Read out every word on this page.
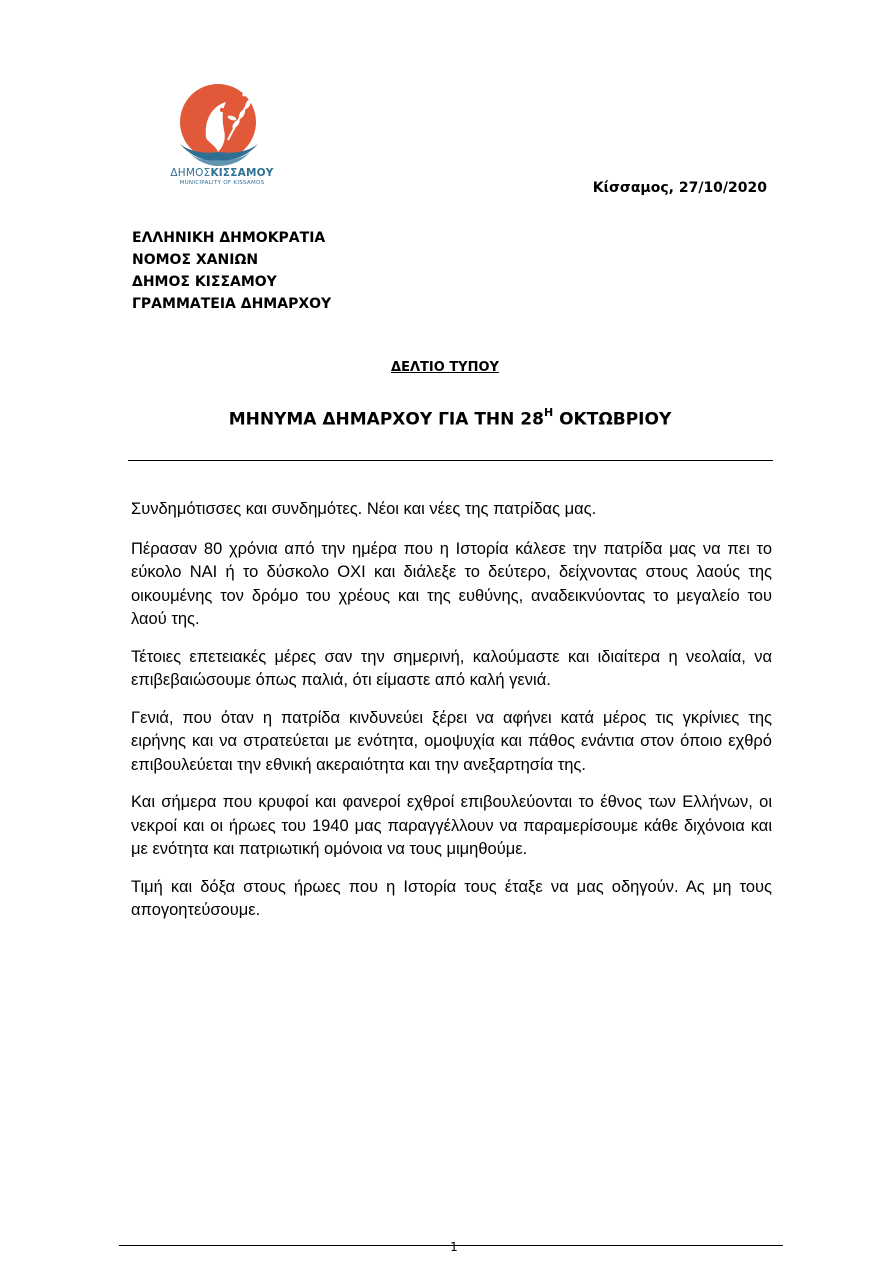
ΔΗΜΟΣΚΙΣΣΑΜΟΥ
MUNICIPALITY OF KISSAMOS	Κίσσαμος, 27/10/2020
ΕΛΛΗΝΙΚΗ ΔΗΜΟΚΡΑΤΙΑ
ΝΟΜΟΣ ΧΑΝΙΩΝ
ΔΗΜΟΣ ΚΙΣΣΑΜΟΥ
ΓΡΑΜΜΑΤΕΙΑ ΔΗΜΑΡΧΟΥ
ΔΕΛΤΙΟ ΤΥΠΟΥ
ΜΗΝΥΜΑ ΔΗΜΑΡΧΟΥ ΓΙΑ ΤΗΝ $28^H$ ΟΚΤΩΒΡΙΟΥ

Συνδημότισσες και συνδημότες. Νέοι και νέες της πατρίδας μας.

Πέρασαν 80 χρόνια από την ημέρα που η Ιστορία κάλεσε την πατρίδα μας να πει το εύκολο ΝΑΙ ή το δύσκολο ΟΧΙ και διάλεξε το δεύτερο, δείχνοντας στους λαούς της οικουμένης τον δρόμο του χρέους και της ευθύνης, αναδεικνύοντας το μεγαλείο του λαού της.

Τέτοιες επετειακές μέρες σαν την σημερινή, καλούμαστε και ιδιαίτερα η νεολαία, να επιβεβαιώσουμε όπως παλιά, ότι είμαστε από καλή γενιά.

Γενιά, που όταν η πατρίδα κινδυνεύει ξέρει να αφήνει κατά μέρος τις γκρίνιες της ειρήνης και να στρατεύεται με ενότητα, ομοψυχία και πάθος ενάντια στον όποιο εχθρό επιβουλεύεται την εθνική ακεραιότητα και την ανεξαρτησία της.

Και σήμερα που κρυφοί και φανεροί εχθροί επιβουλεύονται το έθνος των Ελλήνων, οι νεκροί και οι ήρωες του 1940 μας παραγγέλλουν να παραμερίσουμε κάθε διχόνοια και με ενότητα και πατριωτική ομόνοια να τους μιμηθούμε.

Τιμή και δόξα στους ήρωες που η Ιστορία τους έταξε να μας οδηγούν. Ας μη τους απογοητεύσουμε.

1
